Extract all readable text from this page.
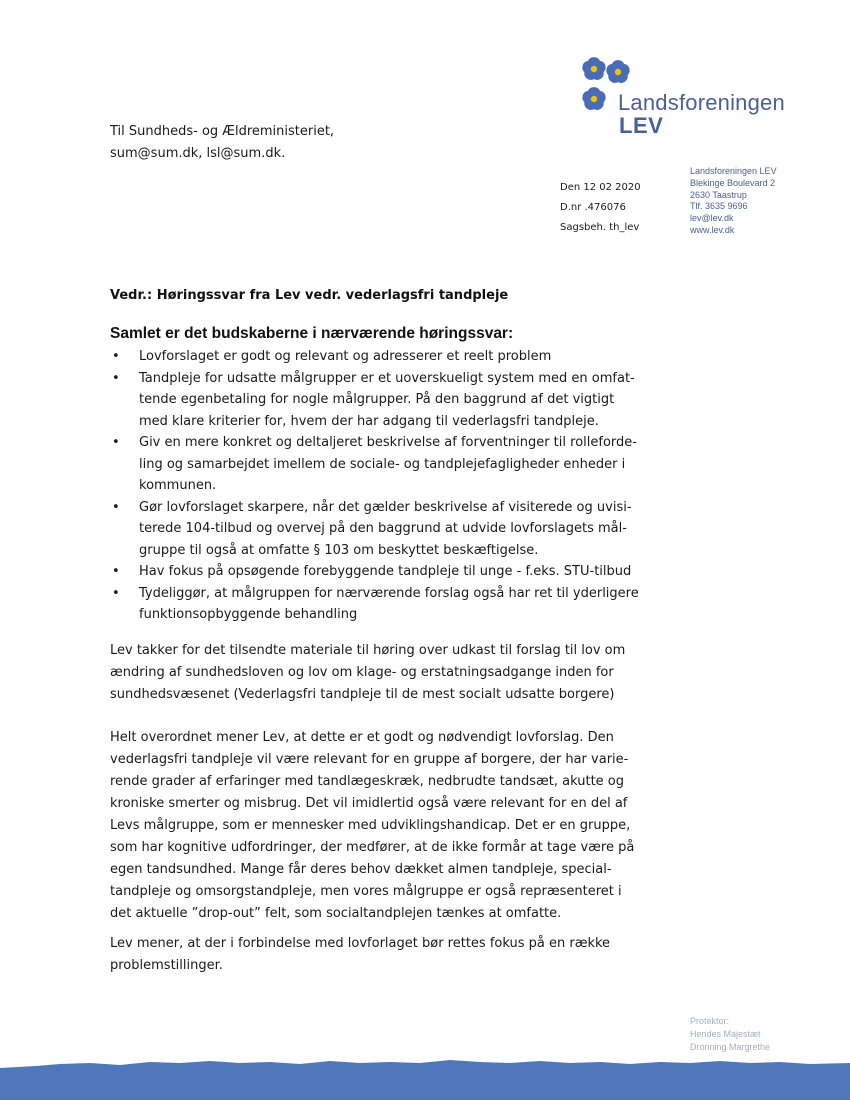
Landsforeningen
LEV
Til Sundheds- og Ældreministeriet,
sum@sum.dk, lsl@sum.dk.
Den 12 02 2020
D.nr .476076
Sagsbeh. th_lev
Landsforeningen LEV
Blekinge Boulevard 2
2630 Taastrup
Tlf. 3635 9696
lev@lev.dk
www.lev.dk
Vedr.: Høringssvar fra Lev vedr. vederlagsfri tandpleje
Samlet er det budskaberne i nærværende høringssvar:
• Lovforslaget er godt og relevant og adresserer et reelt problem
• Tandpleje for udsatte målgrupper er et uoverskueligt system med en omfat-
tende egenbetaling for nogle målgrupper. På den baggrund af det vigtigt
med klare kriterier for, hvem der har adgang til vederlagsfri tandpleje.
• Giv en mere konkret og deltaljeret beskrivelse af forventninger til rolleforde-
ling og samarbejdet imellem de sociale- og tandplejefagligheder enheder i
kommunen.
• Gør lovforslaget skarpere, når det gælder beskrivelse af visiterede og uvisi-
terede 104-tilbud og overvej på den baggrund at udvide lovforslagets mål-
gruppe til også at omfatte § 103 om beskyttet beskæftigelse.
• Hav fokus på opsøgende forebyggende tandpleje til unge - f.eks. STU-tilbud
• Tydeliggør, at målgruppen for nærværende forslag også har ret til yderligere
funktionsopbyggende behandling
Lev takker for det tilsendte materiale til høring over udkast til forslag til lov om
ændring af sundhedsloven og lov om klage- og erstatningsadgange inden for
sundhedsvæsenet (Vederlagsfri tandpleje til de mest socialt udsatte borgere)
Helt overordnet mener Lev, at dette er et godt og nødvendigt lovforslag. Den
vederlagsfri tandpleje vil være relevant for en gruppe af borgere, der har varie-
rende grader af erfaringer med tandlægeskræk, nedbrudte tandsæt, akutte og
kroniske smerter og misbrug. Det vil imidlertid også være relevant for en del af
Levs målgruppe, som er mennesker med udviklingshandicap. Det er en gruppe,
som har kognitive udfordringer, der medfører, at de ikke formår at tage være på
egen tandsundhed. Mange får deres behov dækket almen tandpleje, special-
tandpleje og omsorgstandpleje, men vores målgruppe er også repræsenteret i
det aktuelle ”drop-out” felt, som socialtandplejen tænkes at omfatte.
Lev mener, at der i forbindelse med lovforlaget bør rettes fokus på en række
problemstillinger.
Protektor:
Hendes Majestæt
Dronning Margrethe
